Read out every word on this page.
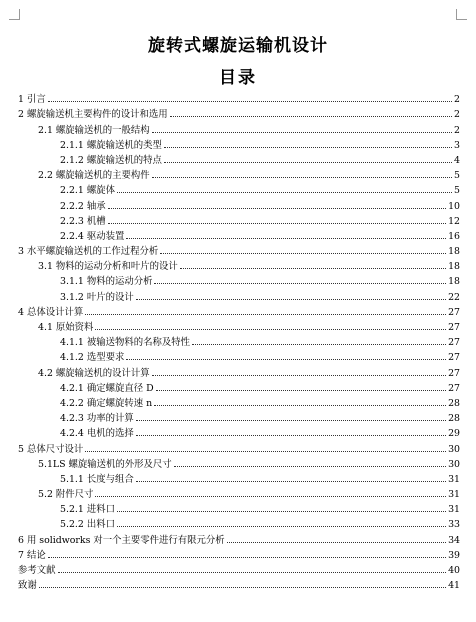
旋转式螺旋运输机设计
目录
1 引言	2
2 螺旋输送机主要构件的设计和选用	2
2.1 螺旋输送机的一般结构	2
2.1.1 螺旋输送机的类型	3
2.1.2 螺旋输送机的特点	4
2.2 螺旋输送机的主要构件	5
2.2.1 螺旋体	5
2.2.2 轴承	10
2.2.3 机槽	12
2.2.4 驱动装置	16
3 水平螺旋输送机的工作过程分析	18
3.1 物料的运动分析和叶片的设计	18
3.1.1 物料的运动分析	18
3.1.2 叶片的设计	22
4 总体设计计算	27
4.1 原始资料	27
4.1.1 被输送物料的名称及特性	27
4.1.2 选型要求	27
4.2 螺旋输送机的设计计算	27
4.2.1 确定螺旋直径 D	27
4.2.2 确定螺旋转速 n	28
4.2.3 功率的计算	28
4.2.4 电机的选择	29
5 总体尺寸设计	30
5.1LS 螺旋输送机的外形及尺寸	30
5.1.1 长度与组合	31
5.2 附件尺寸	31
5.2.1 进料口	31
5.2.2 出料口	33
6 用 solidworks 对一个主要零件进行有限元分析	34
7 结论	39
参考文献	40
致谢	41
